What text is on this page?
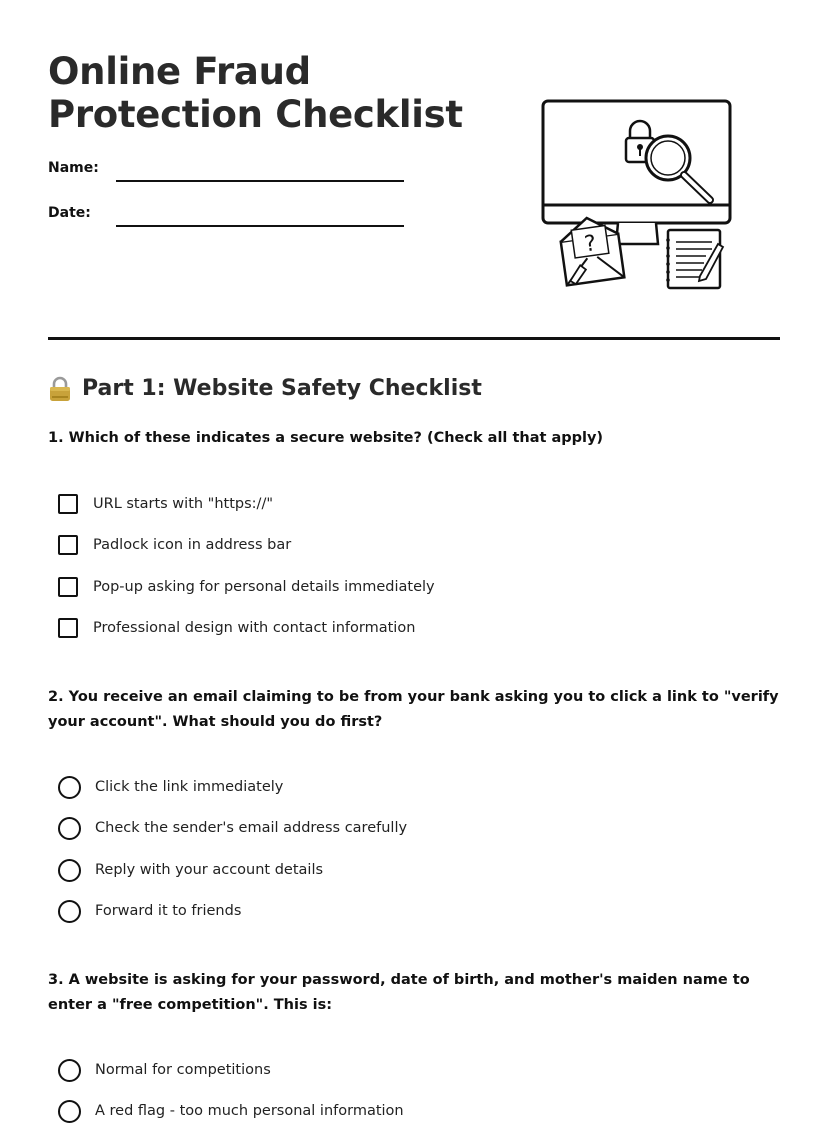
Online Fraud Protection Checklist
Name:
Date:
?
Part 1: Website Safety Checklist

1. Which of these indicates a secure website? (Check all that apply)

URL starts with "https://"
Padlock icon in address bar
Pop-up asking for personal details immediately
Professional design with contact information

2. You receive an email claiming to be from your bank asking you to click a link to "verify your account". What should you do first?

Click the link immediately
Check the sender's email address carefully
Reply with your account details
Forward it to friends

3. A website is asking for your password, date of birth, and mother's maiden name to enter a "free competition". This is:

Normal for competitions
A red flag - too much personal information
